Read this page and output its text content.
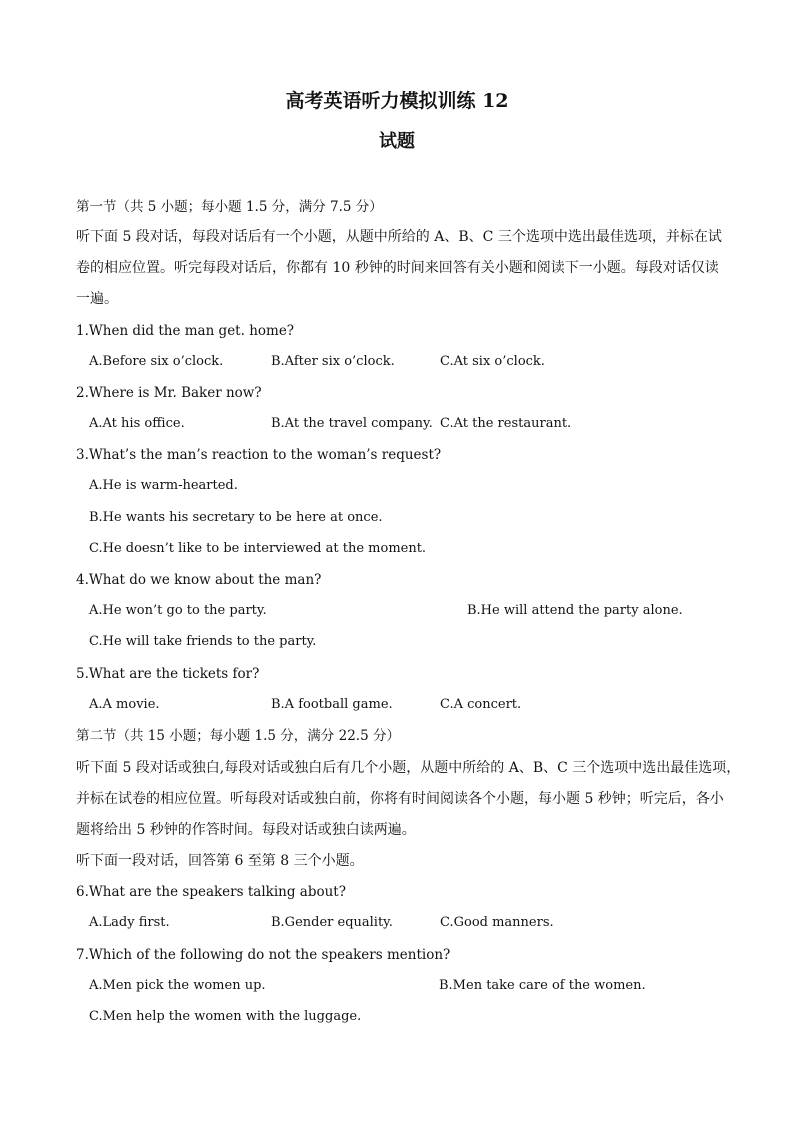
高考英语听力模拟训练 12
试题
第一节（共 5 小题；每小题 1.5 分，满分 7.5 分）
听下面 5 段对话，每段对话后有一个小题，从题中所给的 A、B、C 三个选项中选出最佳选项，并标在试
卷的相应位置。听完每段对话后，你都有 10 秒钟的时间来回答有关小题和阅读下一小题。每段对话仅读
一遍。
1.When did the man get. home?
A.Before six o’clock.	B.After six o’clock.	C.At six o’clock.
2.Where is Mr. Baker now?
A.At his office.	B.At the travel company. C.At the restaurant.
3.What’s the man’s reaction to the woman’s request?
A.He is warm-hearted.
B.He wants his secretary to be here at once.
C.He doesn’t like to be interviewed at the moment.
4.What do we know about the man?
A.He won’t go to the party.	B.He will attend the party alone.
C.He will take friends to the party.
5.What are the tickets for?
A.A movie.	B.A football game.	C.A concert.
第二节（共 15 小题；每小题 1.5 分，满分 22.5 分）
听下面 5 段对话或独白,每段对话或独白后有几个小题，从题中所给的 A、B、C 三个选项中选出最佳选项，
并标在试卷的相应位置。听每段对话或独白前，你将有时间阅读各个小题，每小题 5 秒钟；听完后，各小
题将给出 5 秒钟的作答时间。每段对话或独白读两遍。
听下面一段对话，回答第 6 至第 8 三个小题。
6.What are the speakers talking about?
A.Lady first.	B.Gender equality.	C.Good manners.
7.Which of the following do not the speakers mention?
A.Men pick the women up.	B.Men take care of the women.
C.Men help the women with the luggage.
